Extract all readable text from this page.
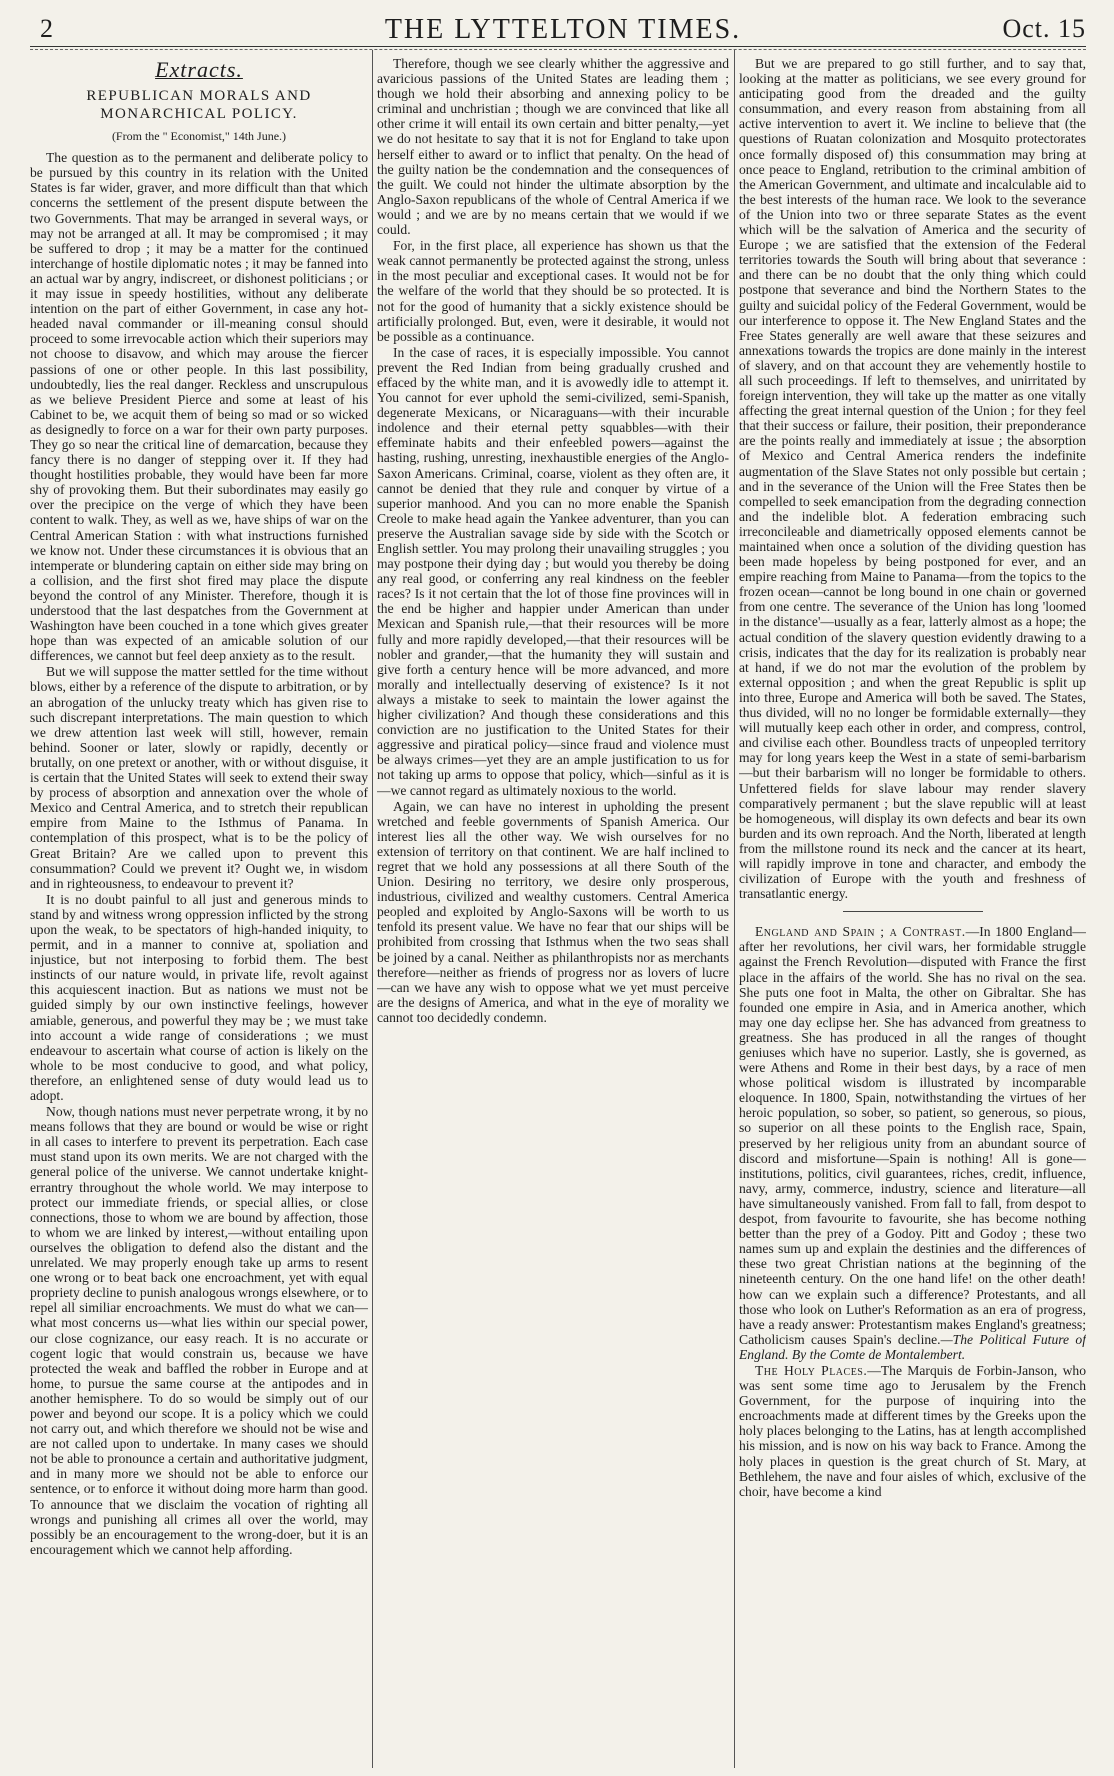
2	THE LYTTELTON TIMES.	Oct. 15
Extracts.
REPUBLICAN MORALS AND MONARCHICAL POLICY.
(From the " Economist," 14th June.)

The question as to the permanent and deliberate policy to be pursued by this country in its relation with the United States is far wider, graver, and more difficult than that which concerns the settlement of the present dispute between the two Governments. That may be arranged in several ways, or may not be arranged at all. It may be compromised ; it may be suffered to drop ; it may be a matter for the continued interchange of hostile diplomatic notes ; it may be fanned into an actual war by angry, indiscreet, or dishonest politicians ; or it may issue in speedy hostilities, without any deliberate intention on the part of either Government, in case any hot-headed naval commander or ill-meaning consul should proceed to some irrevocable action which their superiors may not choose to disavow, and which may arouse the fiercer passions of one or other people. In this last possibility, undoubtedly, lies the real danger. Reckless and unscrupulous as we believe President Pierce and some at least of his Cabinet to be, we acquit them of being so mad or so wicked as designedly to force on a war for their own party purposes. They go so near the critical line of demarcation, because they fancy there is no danger of stepping over it. If they had thought hostilities probable, they would have been far more shy of provoking them. But their subordinates may easily go over the precipice on the verge of which they have been content to walk. They, as well as we, have ships of war on the Central American Station : with what instructions furnished we know not. Under these circumstances it is obvious that an intemperate or blundering captain on either side may bring on a collision, and the first shot fired may place the dispute beyond the control of any Minister. Therefore, though it is understood that the last despatches from the Government at Washington have been couched in a tone which gives greater hope than was expected of an amicable solution of our differences, we cannot but feel deep anxiety as to the result.

But we will suppose the matter settled for the time without blows, either by a reference of the dispute to arbitration, or by an abrogation of the unlucky treaty which has given rise to such discrepant interpretations. The main question to which we drew attention last week will still, however, remain behind. Sooner or later, slowly or rapidly, decently or brutally, on one pretext or another, with or without disguise, it is certain that the United States will seek to extend their sway by process of absorption and annexation over the whole of Mexico and Central America, and to stretch their republican empire from Maine to the Isthmus of Panama. In contemplation of this prospect, what is to be the policy of Great Britain? Are we called upon to prevent this consummation? Could we prevent it? Ought we, in wisdom and in righteousness, to endeavour to prevent it?

It is no doubt painful to all just and generous minds to stand by and witness wrong oppression inflicted by the strong upon the weak, to be spectators of high-handed iniquity, to permit, and in a manner to connive at, spoliation and injustice, but not interposing to forbid them. The best instincts of our nature would, in private life, revolt against this acquiescent inaction. But as nations we must not be guided simply by our own instinctive feelings, however amiable, generous, and powerful they may be ; we must take into account a wide range of considerations ; we must endeavour to ascertain what course of action is likely on the whole to be most conducive to good, and what policy, therefore, an enlightened sense of duty would lead us to adopt.

Now, though nations must never perpetrate wrong, it by no means follows that they are bound or would be wise or right in all cases to interfere to prevent its perpetration. Each case must stand upon its own merits. We are not charged with the general police of the universe. We cannot undertake knight-errantry throughout the whole world. We may interpose to protect our immediate friends, or special allies, or close connections, those to whom we are bound by affection, those to whom we are linked by interest,—without entailing upon ourselves the obligation to defend also the distant and the unrelated. We may properly enough take up arms to resent one wrong or to beat back one encroachment, yet with equal propriety decline to punish analogous wrongs elsewhere, or to repel all similiar encroachments. We must do what we can—what most concerns us—what lies within our special power, our close cognizance, our easy reach. It is no accurate or cogent logic that would constrain us, because we have protected the weak and baffled the robber in Europe and at home, to pursue the same course at the antipodes and in another hemisphere. To do so would be simply out of our power and beyond our scope. It is a policy which we could not carry out, and which therefore we should not be wise and are not called upon to undertake. In many cases we should not be able to pronounce a certain and authoritative judgment, and in many more we should not be able to enforce our sentence, or to enforce it without doing more harm than good. To announce that we disclaim the vocation of righting all wrongs and punishing all crimes all over the world, may possibly be an encouragement to the wrong-doer, but it is an encouragement which we cannot help affording.

Therefore, though we see clearly whither the aggressive and avaricious passions of the United States are leading them ; though we hold their absorbing and annexing policy to be criminal and unchristian ; though we are convinced that like all other crime it will entail its own certain and bitter penalty,—yet we do not hesitate to say that it is not for England to take upon herself either to award or to inflict that penalty. On the head of the guilty nation be the condemnation and the consequences of the guilt. We could not hinder the ultimate absorption by the Anglo-Saxon republicans of the whole of Central America if we would ; and we are by no means certain that we would if we could.

For, in the first place, all experience has shown us that the weak cannot permanently be protected against the strong, unless in the most peculiar and exceptional cases. It would not be for the welfare of the world that they should be so protected. It is not for the good of humanity that a sickly existence should be artificially prolonged. But, even, were it desirable, it would not be possible as a continuance.

In the case of races, it is especially impossible. You cannot prevent the Red Indian from being gradually crushed and effaced by the white man, and it is avowedly idle to attempt it. You cannot for ever uphold the semi-civilized, semi-Spanish, degenerate Mexicans, or Nicaraguans—with their incurable indolence and their eternal petty squabbles—with their effeminate habits and their enfeebled powers—against the hasting, rushing, unresting, inexhaustible energies of the Anglo-Saxon Americans. Criminal, coarse, violent as they often are, it cannot be denied that they rule and conquer by virtue of a superior manhood. And you can no more enable the Spanish Creole to make head again the Yankee adventurer, than you can preserve the Australian savage side by side with the Scotch or English settler. You may prolong their unavailing struggles ; you may postpone their dying day ; but would you thereby be doing any real good, or conferring any real kindness on the feebler races? Is it not certain that the lot of those fine provinces will in the end be higher and happier under American than under Mexican and Spanish rule,—that their resources will be more fully and more rapidly developed,—that their resources will be nobler and grander,—that the humanity they will sustain and give forth a century hence will be more advanced, and more morally and intellectually deserving of existence? Is it not always a mistake to seek to maintain the lower against the higher civilization? And though these considerations and this conviction are no justification to the United States for their aggressive and piratical policy—since fraud and violence must be always crimes—yet they are an ample justification to us for not taking up arms to oppose that policy, which—sinful as it is—we cannot regard as ultimately noxious to the world.

Again, we can have no interest in upholding the present wretched and feeble governments of Spanish America. Our interest lies all the other way. We wish ourselves for no extension of territory on that continent. We are half inclined to regret that we hold any possessions at all there South of the Union. Desiring no territory, we desire only prosperous, industrious, civilized and wealthy customers. Central America peopled and exploited by Anglo-Saxons will be worth to us tenfold its present value. We have no fear that our ships will be prohibited from crossing that Isthmus when the two seas shall be joined by a canal. Neither as philanthropists nor as merchants therefore—neither as friends of progress nor as lovers of lucre—can we have any wish to oppose what we yet must perceive are the designs of America, and what in the eye of morality we cannot too decidedly condemn.

But we are prepared to go still further, and to say that, looking at the matter as politicians, we see every ground for anticipating good from the dreaded and the guilty consummation, and every reason from abstaining from all active intervention to avert it. We incline to believe that (the questions of Ruatan colonization and Mosquito protectorates once formally disposed of) this consummation may bring at once peace to England, retribution to the criminal ambition of the American Government, and ultimate and incalculable aid to the best interests of the human race. We look to the severance of the Union into two or three separate States as the event which will be the salvation of America and the security of Europe ; we are satisfied that the extension of the Federal territories towards the South will bring about that severance : and there can be no doubt that the only thing which could postpone that severance and bind the Northern States to the guilty and suicidal policy of the Federal Government, would be our interference to oppose it. The New England States and the Free States generally are well aware that these seizures and annexations towards the tropics are done mainly in the interest of slavery, and on that account they are vehemently hostile to all such proceedings. If left to themselves, and unirritated by foreign intervention, they will take up the matter as one vitally affecting the great internal question of the Union ; for they feel that their success or failure, their position, their preponderance are the points really and immediately at issue ; the absorption of Mexico and Central America renders the indefinite augmentation of the Slave States not only possible but certain ; and in the severance of the Union will the Free States then be compelled to seek emancipation from the degrading connection and the indelible blot. A federation embracing such irreconcileable and diametrically opposed elements cannot be maintained when once a solution of the dividing question has been made hopeless by being postponed for ever, and an empire reaching from Maine to Panama—from the topics to the frozen ocean—cannot be long bound in one chain or governed from one centre. The severance of the Union has long 'loomed in the distance'—usually as a fear, latterly almost as a hope; the actual condition of the slavery question evidently drawing to a crisis, indicates that the day for its realization is probably near at hand, if we do not mar the evolution of the problem by external opposition ; and when the great Republic is split up into three, Europe and America will both be saved. The States, thus divided, will no no longer be formidable externally—they will mutually keep each other in order, and compress, control, and civilise each other. Boundless tracts of unpeopled territory may for long years keep the West in a state of semi-barbarism—but their barbarism will no longer be formidable to others. Unfettered fields for slave labour may render slavery comparatively permanent ; but the slave republic will at least be homogeneous, will display its own defects and bear its own burden and its own reproach. And the North, liberated at length from the millstone round its neck and the cancer at its heart, will rapidly improve in tone and character, and embody the civilization of Europe with the youth and freshness of transatlantic energy.

England and Spain ; a Contrast.—In 1800 England—after her revolutions, her civil wars, her formidable struggle against the French Revolution—disputed with France the first place in the affairs of the world. She has no rival on the sea. She puts one foot in Malta, the other on Gibraltar. She has founded one empire in Asia, and in America another, which may one day eclipse her. She has advanced from greatness to greatness. She has produced in all the ranges of thought geniuses which have no superior. Lastly, she is governed, as were Athens and Rome in their best days, by a race of men whose political wisdom is illustrated by incomparable eloquence. In 1800, Spain, notwithstanding the virtues of her heroic population, so sober, so patient, so generous, so pious, so superior on all these points to the English race, Spain, preserved by her religious unity from an abundant source of discord and misfortune—Spain is nothing! All is gone—institutions, politics, civil guarantees, riches, credit, influence, navy, army, commerce, industry, science and literature—all have simultaneously vanished. From fall to fall, from despot to despot, from favourite to favourite, she has become nothing better than the prey of a Godoy. Pitt and Godoy ; these two names sum up and explain the destinies and the differences of these two great Christian nations at the beginning of the nineteenth century. On the one hand life! on the other death! how can we explain such a difference? Protestants, and all those who look on Luther's Reformation as an era of progress, have a ready answer: Protestantism makes England's greatness; Catholicism causes Spain's decline.—The Political Future of England. By the Comte de Montalembert.

The Holy Places.—The Marquis de Forbin-Janson, who was sent some time ago to Jerusalem by the French Government, for the purpose of inquiring into the encroachments made at different times by the Greeks upon the holy places belonging to the Latins, has at length accomplished his mission, and is now on his way back to France. Among the holy places in question is the great church of St. Mary, at Bethlehem, the nave and four aisles of which, exclusive of the choir, have become a kind
